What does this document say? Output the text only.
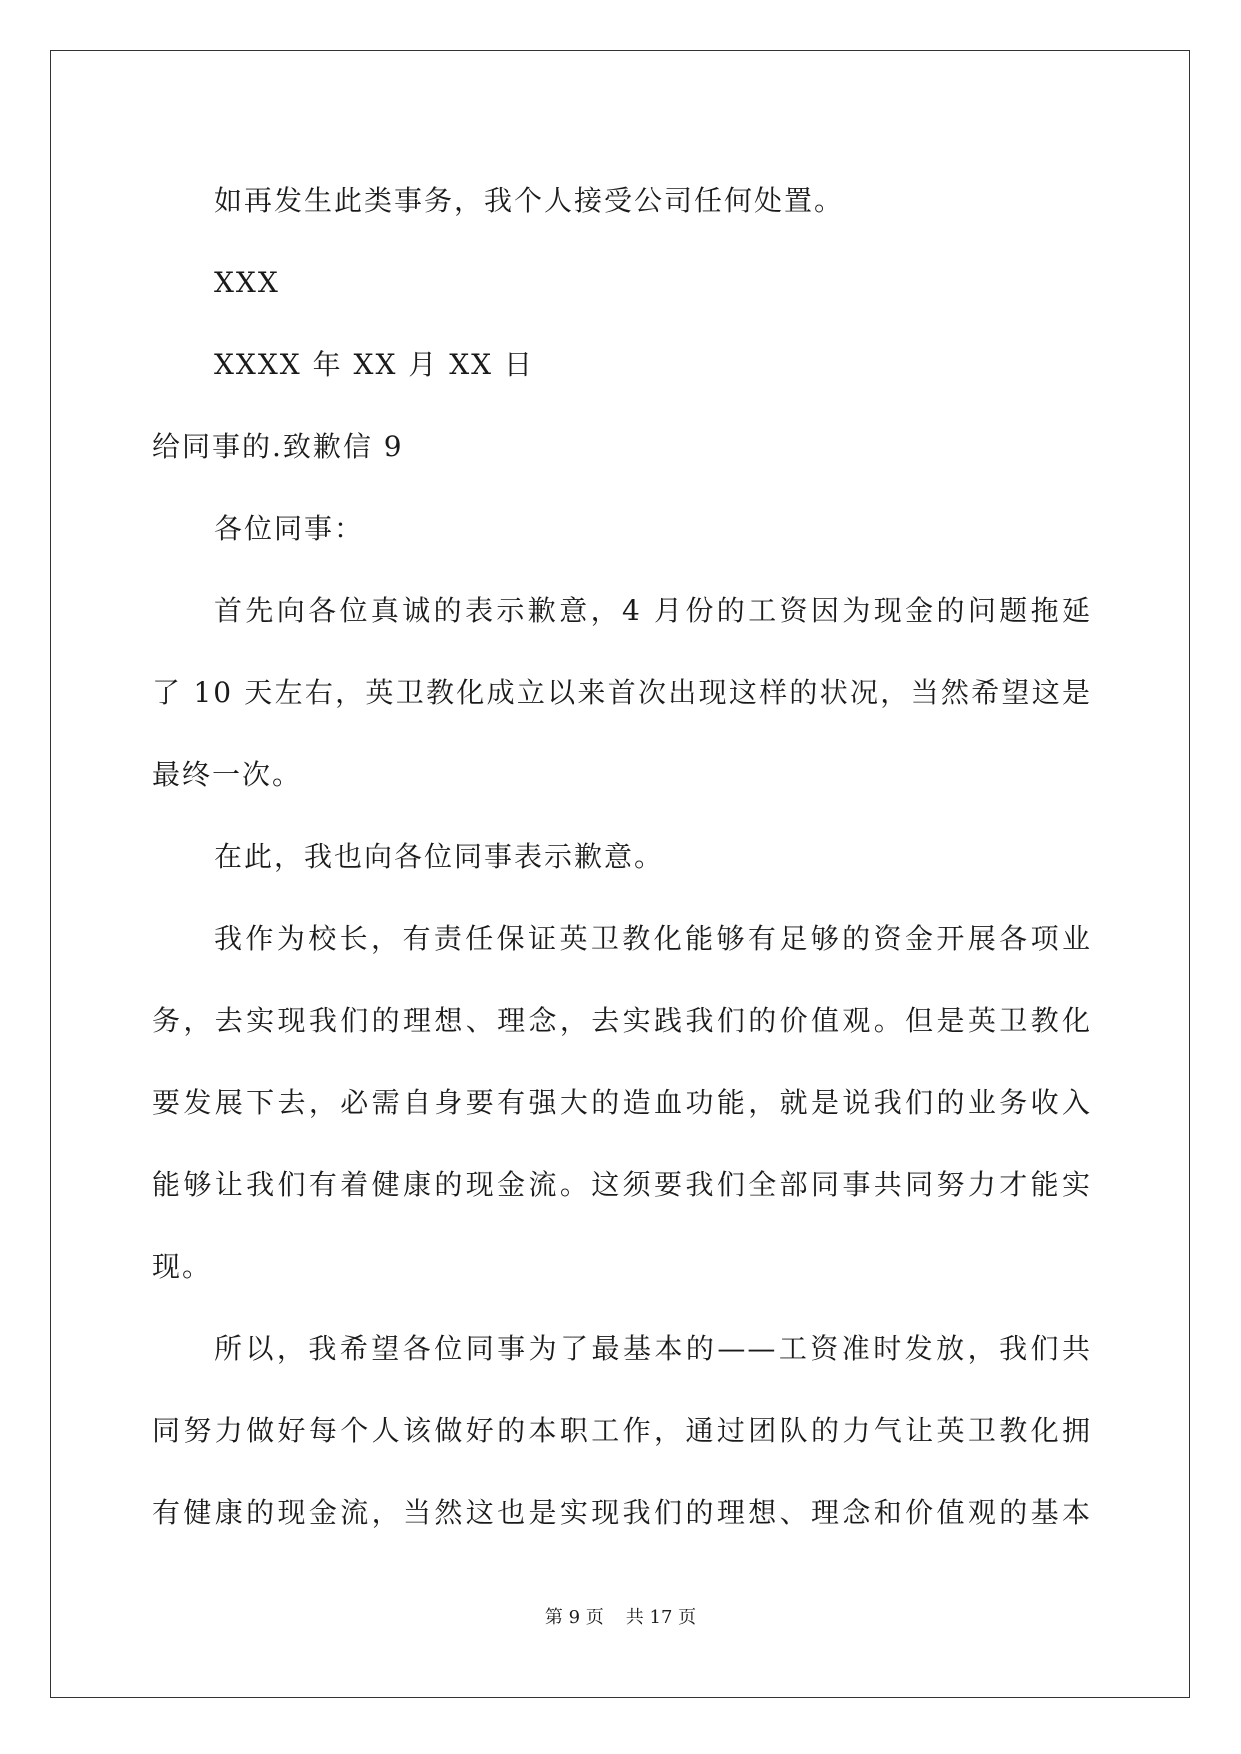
如再发生此类事务，我个人接受公司任何处置。
XXX
XXXX 年 XX 月 XX 日
给同事的.致歉信 9
各位同事：
首先向各位真诚的表示歉意，4 月份的工资因为现金的问题拖延
了 10 天左右，英卫教化成立以来首次出现这样的状况，当然希望这是
最终一次。
在此，我也向各位同事表示歉意。
我作为校长，有责任保证英卫教化能够有足够的资金开展各项业
务，去实现我们的理想、理念，去实践我们的价值观。但是英卫教化
要发展下去，必需自身要有强大的造血功能，就是说我们的业务收入
能够让我们有着健康的现金流。这须要我们全部同事共同努力才能实
现。
所以，我希望各位同事为了最基本的——工资准时发放，我们共
同努力做好每个人该做好的本职工作，通过团队的力气让英卫教化拥
有健康的现金流，当然这也是实现我们的理想、理念和价值观的基本
第 9 页 共 17 页
